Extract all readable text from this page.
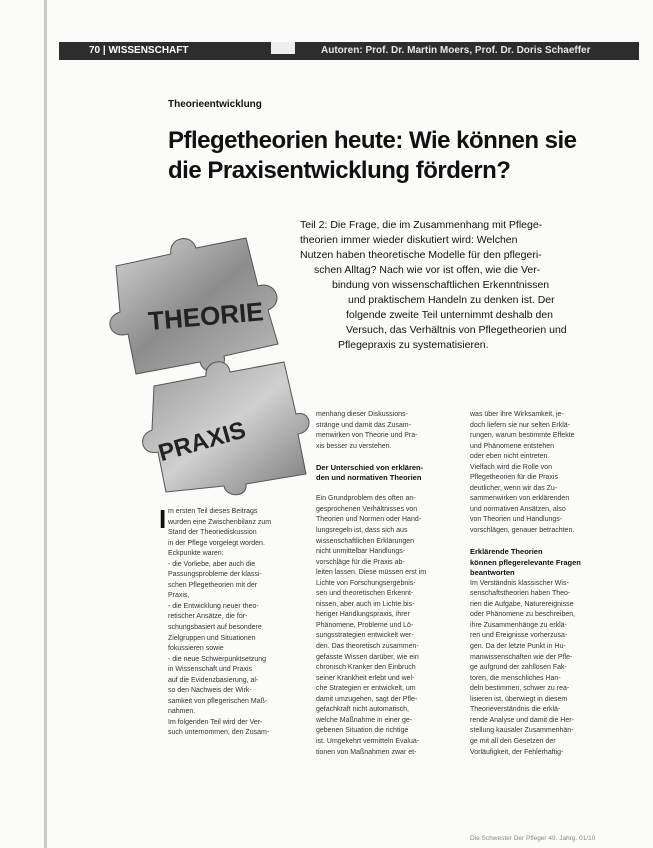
70 | WISSENSCHAFT	Autoren: Prof. Dr. Martin Moers, Prof. Dr. Doris Schaeffer
Theorieentwicklung
Pflegetheorien heute: Wie können sie
die Praxisentwicklung fördern?
Teil 2: Die Frage, die im Zusammenhang mit Pflege-
theorien immer wieder diskutiert wird: Welchen
Nutzen haben theoretische Modelle für den pflegeri-
schen Alltag? Nach wie vor ist offen, wie die Ver-
bindung von wissenschaftlichen Erkenntnissen
und praktischem Handeln zu denken ist. Der
folgende zweite Teil unternimmt deshalb den
Versuch, das Verhältnis von Pflegetheorien und
Pflegepraxis zu systematisieren.
THEORIE
PRAXIS
I m ersten Teil dieses Beitrags
wurden eine Zwischenbilanz zum
Stand der Theoriediskussion
in der Pflege vorgelegt worden.
Eckpunkte waren:
- die Vorliebe, aber auch die
Passungsprobleme der klassi-
schen Pflegetheorien mit der
Praxis,
- die Entwicklung neuer theo-
retischer Ansätze, die for-
schungsbasiert auf besondere
Zielgruppen und Situationen
fokussieren sowie
- die neue Schwerpunktsetzung
in Wissenschaft und Praxis
auf die Evidenzbasierung, al-
so den Nachweis der Wirk-
samkeit von pflegerischen Maß-
nahmen.
Im folgenden Teil wird der Ver-
such unternommen, den Zusam-
menhang dieser Diskussions-
stränge und damit das Zusam-
menwirken von Theorie und Pra-
xis besser zu verstehen.

Der Unterschied von erklären-
den und normativen Theorien

Ein Grundproblem des often an-
gesprochenen Verhältnisses von
Theorien und Normen oder Hand-
lungsregeln ist, dass sich aus
wissenschaftlichen Erklärungen
nicht unmittelbar Handlungs-
vorschläge für die Praxis ab-
leiten lassen. Diese müssen erst im
Lichte von Forschungsergebnis-
sen und theoretischen Erkennt-
nissen, aber auch im Lichte bis-
heriger Handlungspraxis, ihrer
Phänomene, Probleme und Lö-
sungsstrategien entwickelt wer-
den. Das theoretisch zusammen-
gefasste Wissen darüber, wie ein
chronisch Kranker den Einbruch
seiner Krankheit erlebt und wel-
che Strategien er entwickelt, um
damit umzugehen, sagt der Pfle-
gefachkraft nicht automatisch,
welche Maßnahme in einer ge-
gebenen Situation die richtige
ist. Umgekehrt vermitteln Evalua-
tionen von Maßnahmen zwar et-
was über ihre Wirksamkeit, je-
doch liefern sie nur selten Erklä-
rungen, warum bestimmte Effekte
und Phänomene entstehen
oder eben nicht eintreten.
Vielfach wird die Rolle von
Pflegetheorien für die Praxis
deutlicher, wenn wir das Zu-
sammenwirken von erklärenden
und normativen Ansätzen, also
von Theorien und Handlungs-
vorschlägen, genauer betrachten.

Erklärende Theorien
können pflegerelevante Fragen
beantworten
Im Verständnis klassischer Wis-
senschaftstheorien haben Theo-
rien die Aufgabe, Naturereignisse
oder Phänomene zu beschreiben,
ihre Zusammenhänge zu erklä-
ren und Ereignisse vorherzusa-
gen. Da der letzte Punkt in Hu-
manwissenschaften wie der Pfle-
ge aufgrund der zahllosen Fak-
toren, die menschliches Han-
deln bestimmen, schwer zu rea-
lisieren ist, überwiegt in diesem
Theorieverständnis die erklä-
rende Analyse und damit die Her-
stellung kausaler Zusammenhän-
ge mit all den Gesetzen der
Vorläufigkeit, der Fehlerhaftig-
Die Schwester Der Pfleger 49. Jahrg. 01/10
